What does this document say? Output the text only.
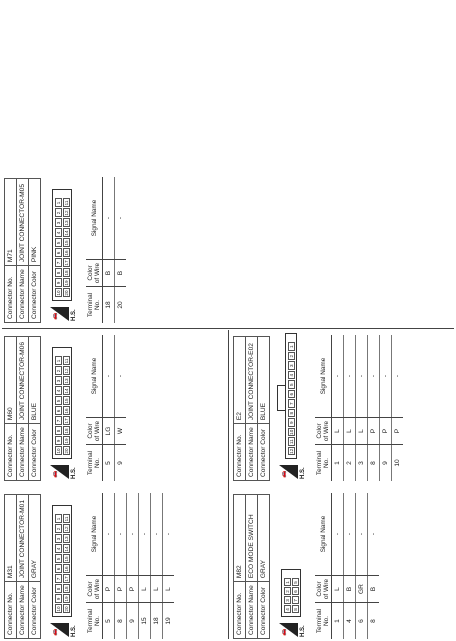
Connector No.	M31
Connector Name	JOINT CONNECTOR-M01
Connector Color	GRAY
🚗 H.S.
10
9
8
7
6
5
4
3
2
1
20
19
18
17
16
15
14
13
12
11
Terminal No.	Color of Wire	Signal Name
5	P	-
8	P	-
9	P	-
15	L	-
18	L	-
19	L	-
Connector No.	M60
Connector Name	JOINT CONNECTOR-M06
Connector Color	BLUE
🚗 H.S.
10
9
8
7
6
5
4
3
2
1
20
19
18
17
16
15
14
13
12
11
Terminal No.	Color of Wire	Signal Name
5	LG	-
9	W	-
Connector No.	M71
Connector Name	JOINT CONNECTOR-M05
Connector Color	PINK
🚗 H.S.
10
9
8
7
6
5
4
3
2
1
20
19
18
17
16
15
14
13
12
11
Terminal No.	Color of Wire	Signal Name
18	B	-
20	B	-
Connector No.	M82
Connector Name	ECO MODE SWITCH
Connector Color	GRAY
🚗 H.S.
4
3
2
1
8
7
6
5
Terminal No.	Color of Wire	Signal Name
1	L	-
4	B	-
6	GR	-
8	B	-
Connector No.	E2
Connector Name	JOINT CONNECTOR-E02
Connector Color	BLUE
🚗 H.S.
12
11
10
9
8
7
6
5
4
3
2
1
Terminal No.	Color of Wire	Signal Name
1	L	-
2	L	-
3	L	-
8	P	-
9	P	-
10	P	-
